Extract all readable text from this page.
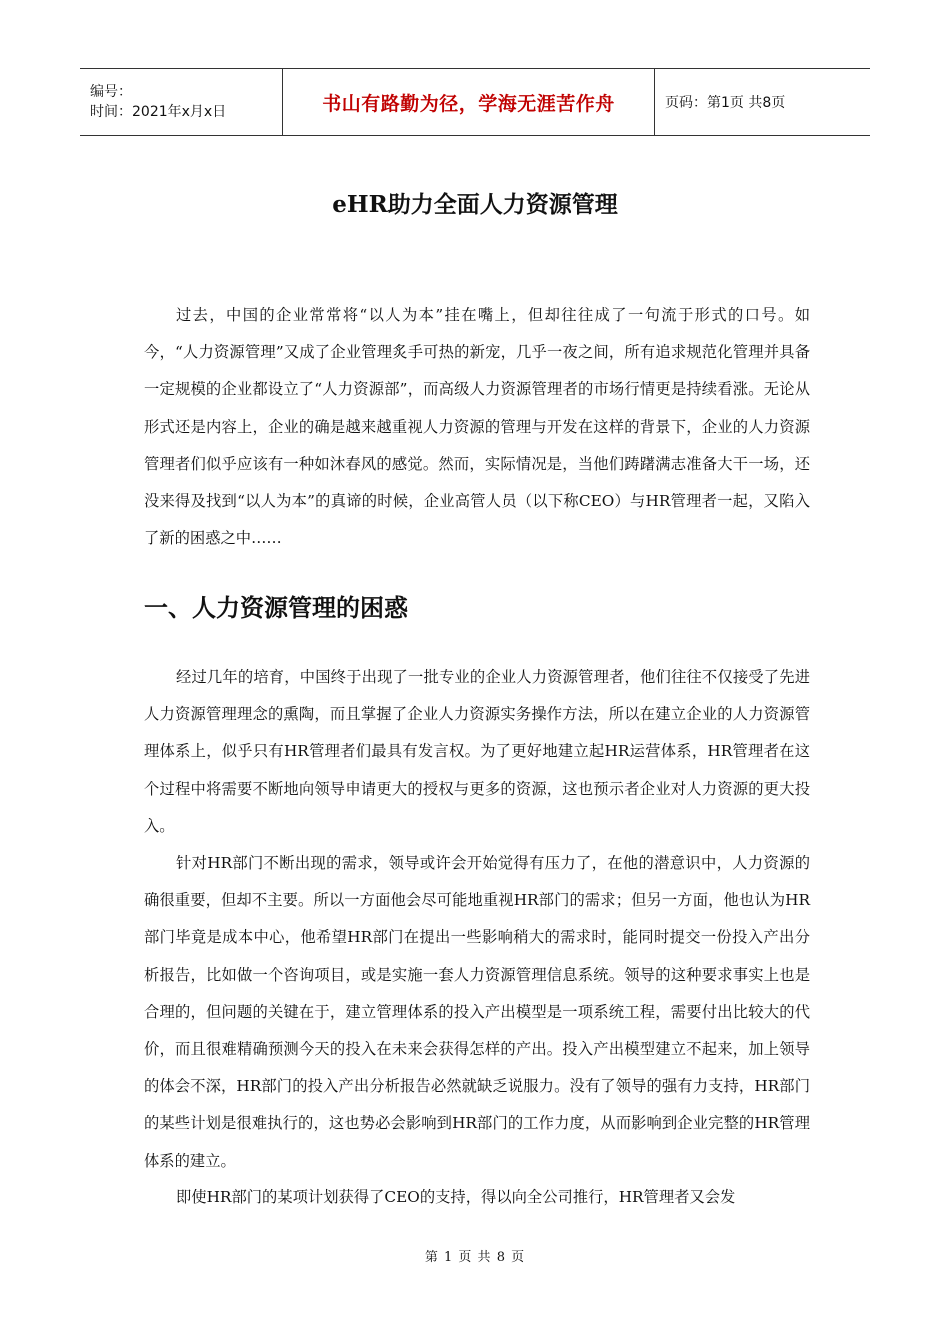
编号：
时间：2021年x月x日	书山有路勤为径，学海无涯苦作舟	页码：第1页 共8页
eHR助力全面人力资源管理

过去，中国的企业常常将“以人为本”挂在嘴上，但却往往成了一句流于形式的口号。如今，“人力资源管理”又成了企业管理炙手可热的新宠，几乎一夜之间，所有追求规范化管理并具备一定规模的企业都设立了“人力资源部”，而高级人力资源管理者的市场行情更是持续看涨。无论从形式还是内容上，企业的确是越来越重视人力资源的管理与开发在这样的背景下，企业的人力资源管理者们似乎应该有一种如沐春风的感觉。然而，实际情况是，当他们踌躇满志准备大干一场，还没来得及找到“以人为本”的真谛的时候，企业高管人员（以下称CEO）与HR管理者一起，又陷入了新的困惑之中……

一、人力资源管理的困惑

经过几年的培育，中国终于出现了一批专业的企业人力资源管理者，他们往往不仅接受了先进人力资源管理理念的熏陶，而且掌握了企业人力资源实务操作方法，所以在建立企业的人力资源管理体系上，似乎只有HR管理者们最具有发言权。为了更好地建立起HR运营体系，HR管理者在这个过程中将需要不断地向领导申请更大的授权与更多的资源，这也预示者企业对人力资源的更大投入。

针对HR部门不断出现的需求，领导或许会开始觉得有压力了，在他的潜意识中，人力资源的确很重要，但却不主要。所以一方面他会尽可能地重视HR部门的需求；但另一方面，他也认为HR部门毕竟是成本中心，他希望HR部门在提出一些影响稍大的需求时，能同时提交一份投入产出分析报告，比如做一个咨询项目，或是实施一套人力资源管理信息系统。领导的这种要求事实上也是合理的，但问题的关键在于，建立管理体系的投入产出模型是一项系统工程，需要付出比较大的代价，而且很难精确预测今天的投入在未来会获得怎样的产出。投入产出模型建立不起来，加上领导的体会不深，HR部门的投入产出分析报告必然就缺乏说服力。没有了领导的强有力支持，HR部门的某些计划是很难执行的，这也势必会影响到HR部门的工作力度，从而影响到企业完整的HR管理体系的建立。

即使HR部门的某项计划获得了CEO的支持，得以向全公司推行，HR管理者又会发

第 1 页 共 8 页
